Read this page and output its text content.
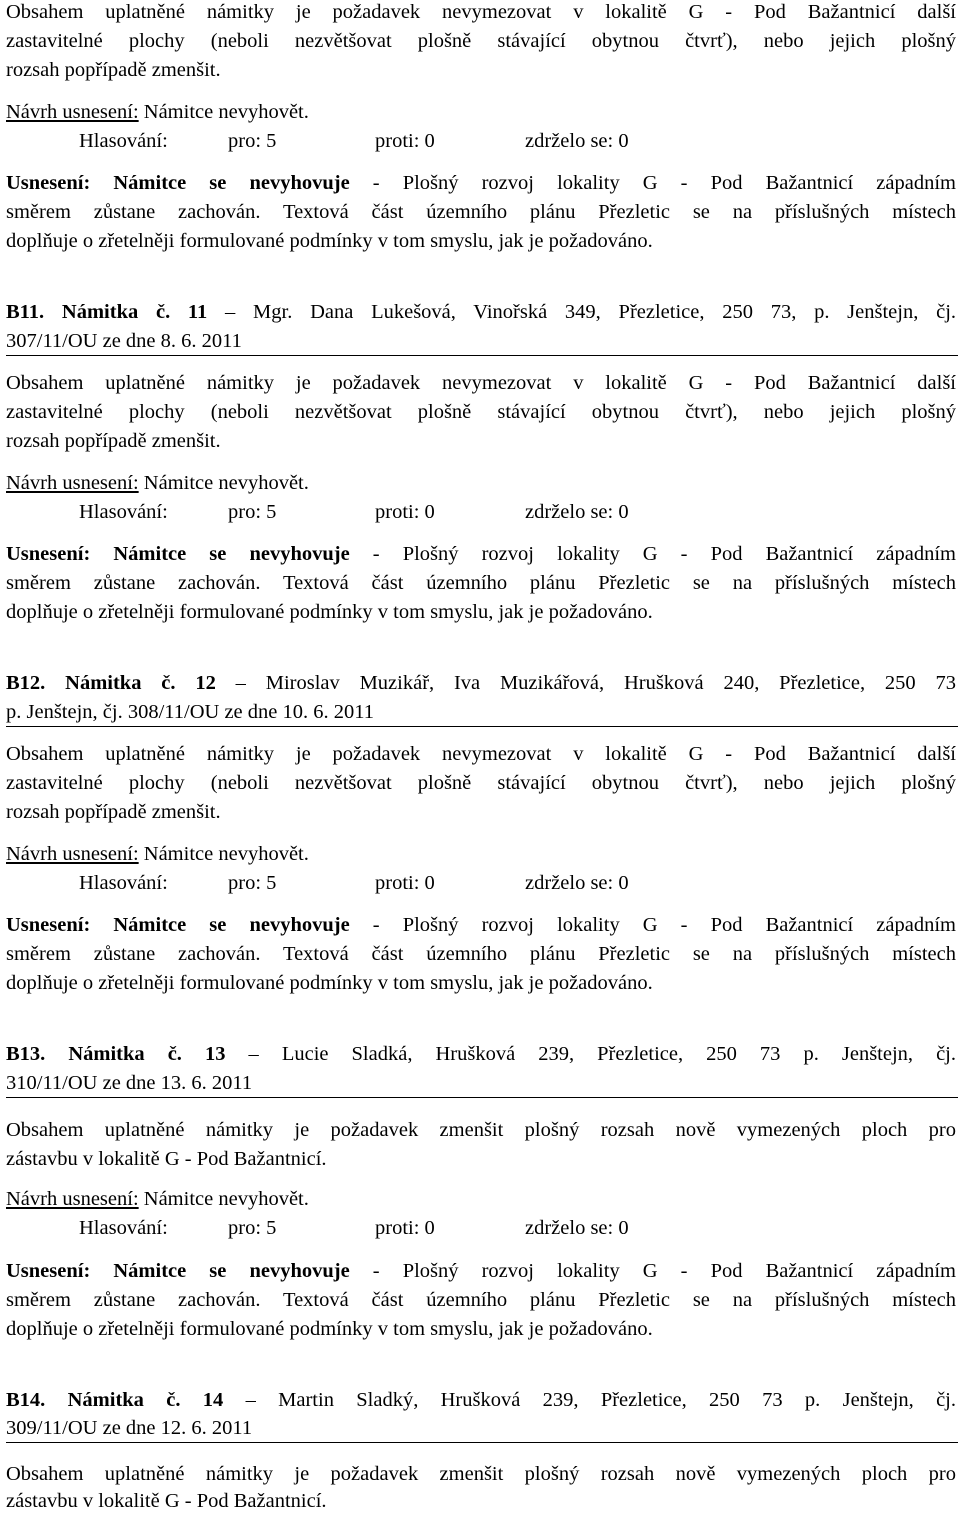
Obsahem uplatněné námitky je požadavek nevymezovat v lokalitě G - Pod Bažantnicí další
zastavitelné plochy (neboli nezvětšovat plošně stávající obytnou čtvrť), nebo jejich plošný
rozsah popřípadě zmenšit.
Návrh usnesení: Námitce nevyhovět.
Hlasování:	pro: 5	proti: 0	zdrželo se: 0
Usnesení: Námitce se nevyhovuje - Plošný rozvoj lokality G - Pod Bažantnicí západním
směrem zůstane zachován. Textová část územního plánu Přezletic se na příslušných místech
doplňuje o zřetelněji formulované podmínky v tom smyslu, jak je požadováno.
B11. Námitka č. 11 – Mgr. Dana Lukešová, Vinořská 349, Přezletice, 250 73, p. Jenštejn, čj.
307/11/OU ze dne 8. 6. 2011
Obsahem uplatněné námitky je požadavek nevymezovat v lokalitě G - Pod Bažantnicí další
zastavitelné plochy (neboli nezvětšovat plošně stávající obytnou čtvrť), nebo jejich plošný
rozsah popřípadě zmenšit.
Návrh usnesení: Námitce nevyhovět.
Hlasování:	pro: 5	proti: 0	zdrželo se: 0
Usnesení: Námitce se nevyhovuje - Plošný rozvoj lokality G - Pod Bažantnicí západním
směrem zůstane zachován. Textová část územního plánu Přezletic se na příslušných místech
doplňuje o zřetelněji formulované podmínky v tom smyslu, jak je požadováno.
B12. Námitka č. 12 – Miroslav Muzikář, Iva Muzikářová, Hrušková 240, Přezletice, 250 73
p. Jenštejn, čj. 308/11/OU ze dne 10. 6. 2011
Obsahem uplatněné námitky je požadavek nevymezovat v lokalitě G - Pod Bažantnicí další
zastavitelné plochy (neboli nezvětšovat plošně stávající obytnou čtvrť), nebo jejich plošný
rozsah popřípadě zmenšit.
Návrh usnesení: Námitce nevyhovět.
Hlasování:	pro: 5	proti: 0	zdrželo se: 0
Usnesení: Námitce se nevyhovuje - Plošný rozvoj lokality G - Pod Bažantnicí západním
směrem zůstane zachován. Textová část územního plánu Přezletic se na příslušných místech
doplňuje o zřetelněji formulované podmínky v tom smyslu, jak je požadováno.
B13. Námitka č. 13 – Lucie Sladká, Hrušková 239, Přezletice, 250 73 p. Jenštejn, čj.
310/11/OU ze dne 13. 6. 2011
Obsahem uplatněné námitky je požadavek zmenšit plošný rozsah nově vymezených ploch pro
zástavbu v lokalitě G - Pod Bažantnicí.
Návrh usnesení: Námitce nevyhovět.
Hlasování:	pro: 5	proti: 0	zdrželo se: 0
Usnesení: Námitce se nevyhovuje - Plošný rozvoj lokality G - Pod Bažantnicí západním
směrem zůstane zachován. Textová část územního plánu Přezletic se na příslušných místech
doplňuje o zřetelněji formulované podmínky v tom smyslu, jak je požadováno.
B14. Námitka č. 14 – Martin Sladký, Hrušková 239, Přezletice, 250 73 p. Jenštejn, čj.
309/11/OU ze dne 12. 6. 2011
Obsahem uplatněné námitky je požadavek zmenšit plošný rozsah nově vymezených ploch pro
zástavbu v lokalitě G - Pod Bažantnicí.
